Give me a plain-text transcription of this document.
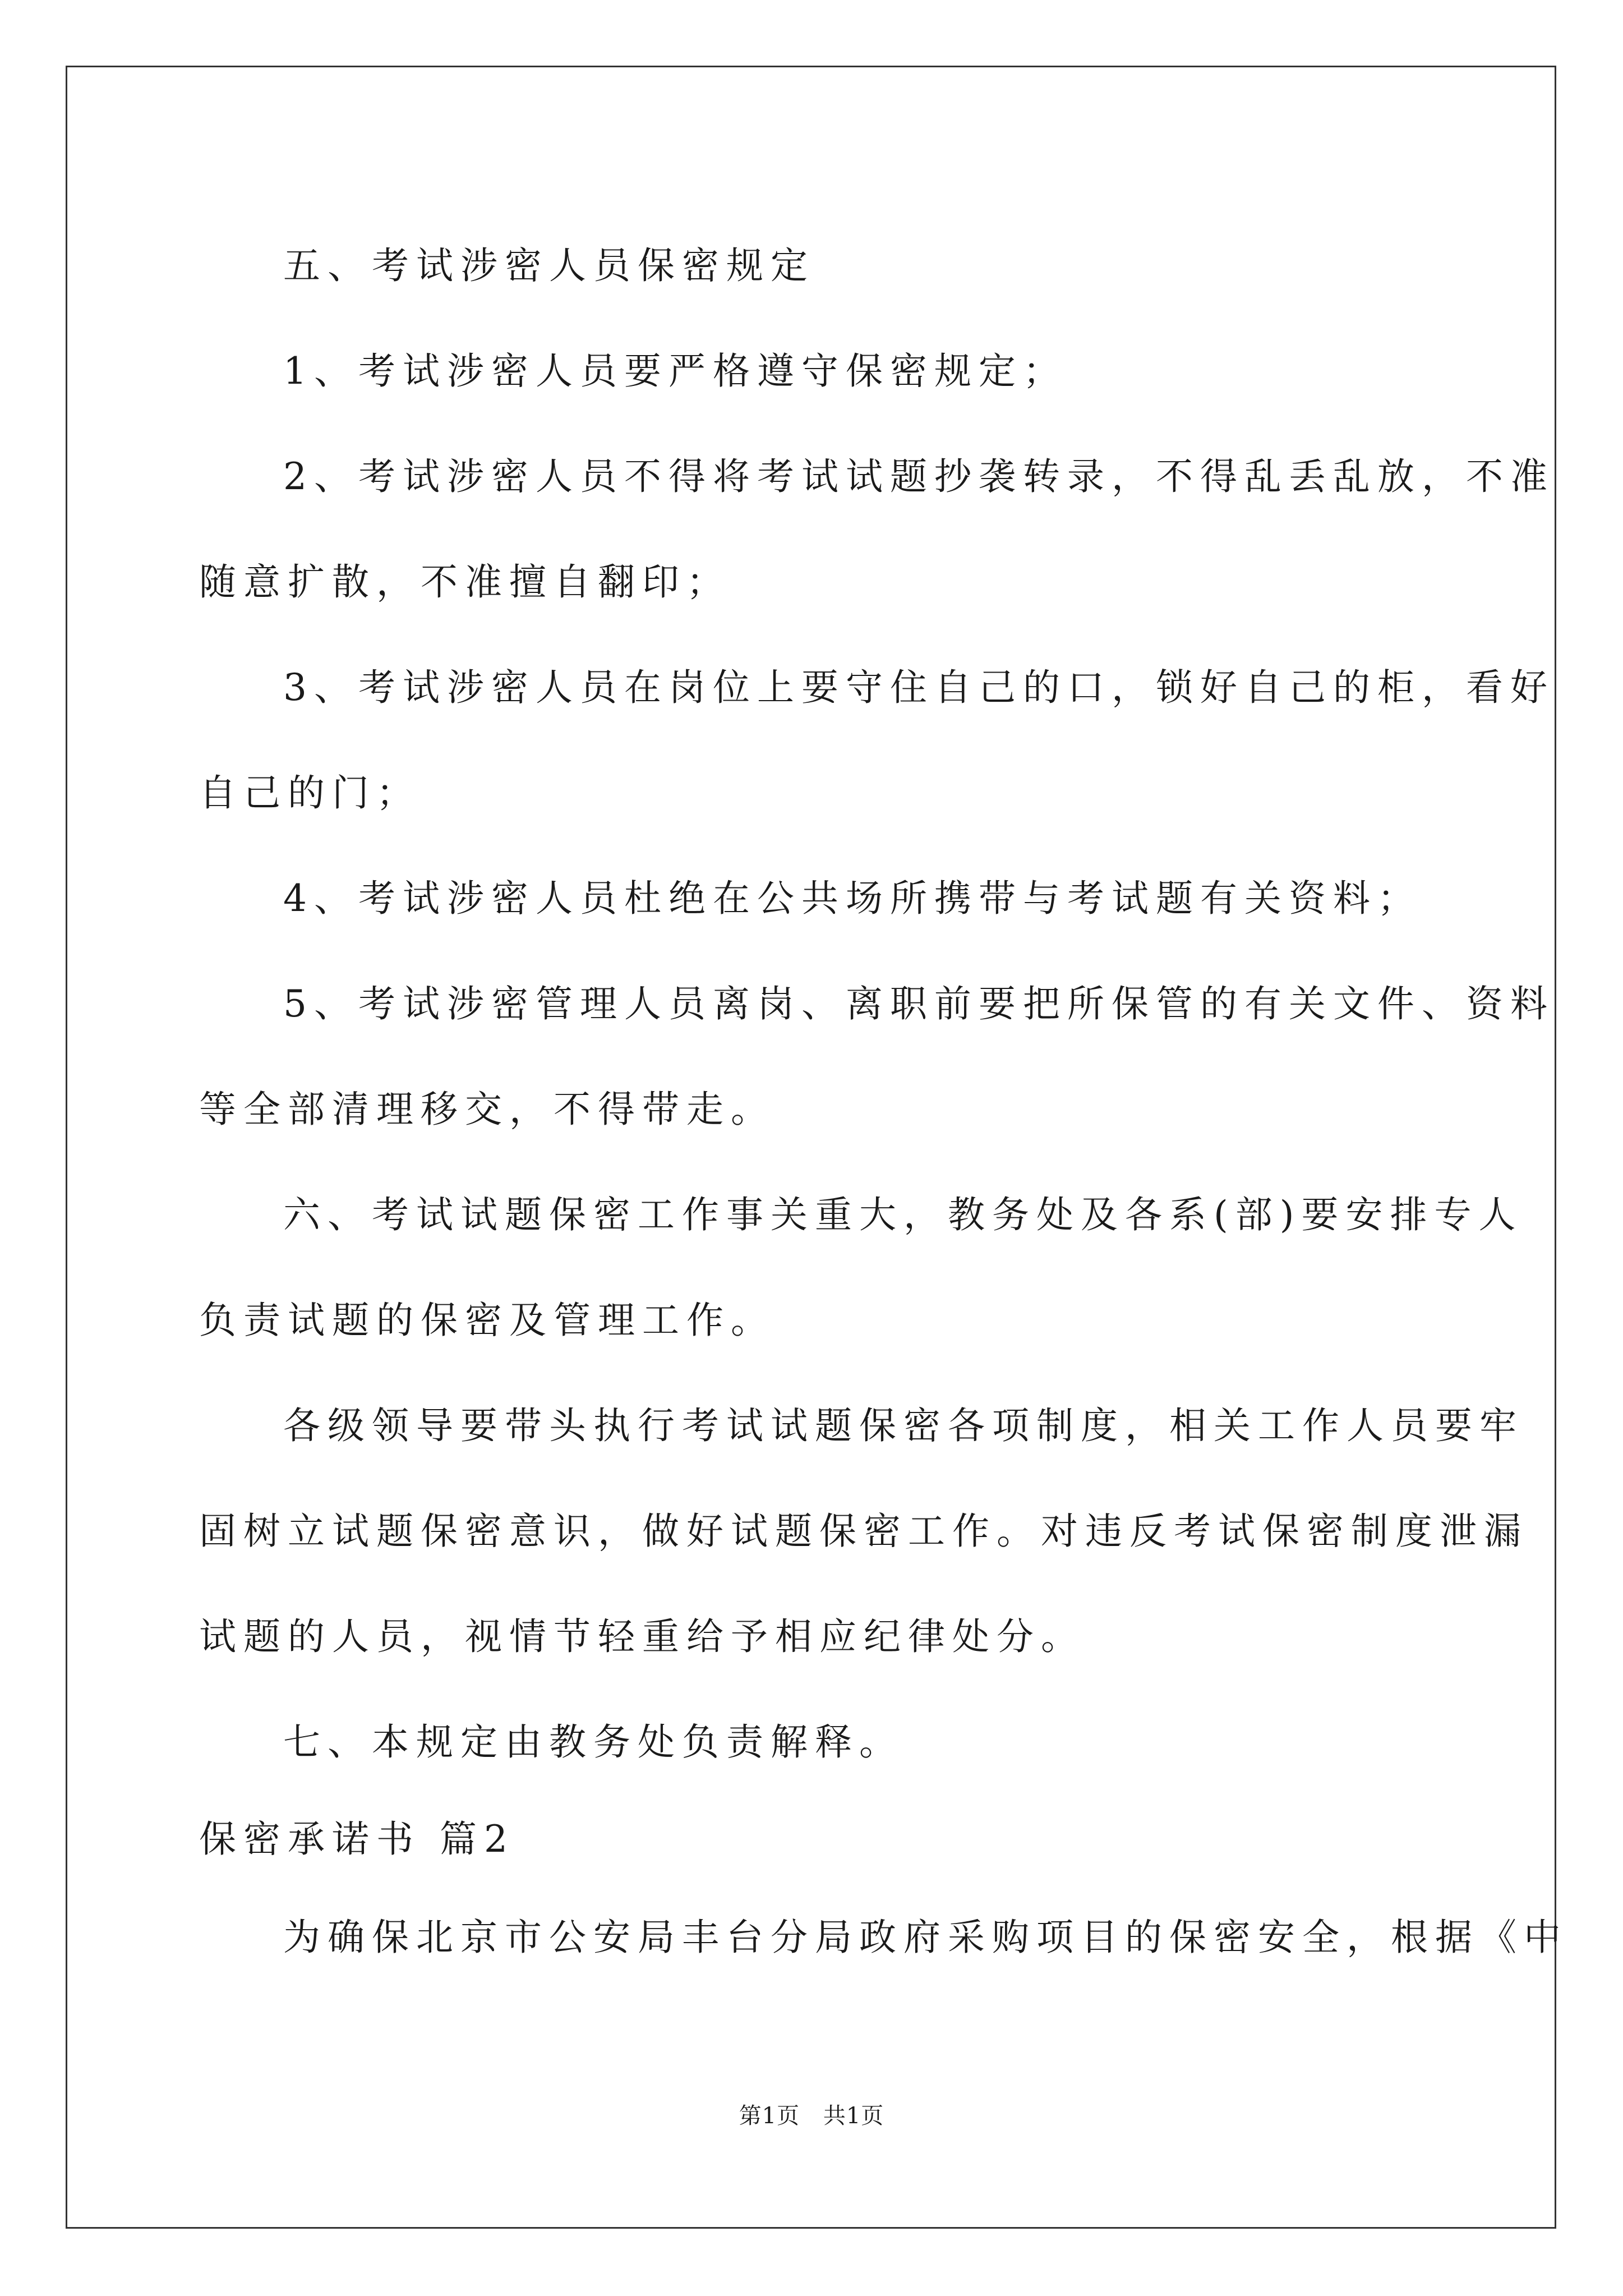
五、考试涉密人员保密规定

1、考试涉密人员要严格遵守保密规定；

2、考试涉密人员不得将考试试题抄袭转录，不得乱丢乱放，不准

随意扩散，不准擅自翻印；

3、考试涉密人员在岗位上要守住自己的口，锁好自己的柜，看好

自己的门；

4、考试涉密人员杜绝在公共场所携带与考试题有关资料；

5、考试涉密管理人员离岗、离职前要把所保管的有关文件、资料

等全部清理移交，不得带走。

六、考试试题保密工作事关重大，教务处及各系(部)要安排专人

负责试题的保密及管理工作。

各级领导要带头执行考试试题保密各项制度，相关工作人员要牢

固树立试题保密意识，做好试题保密工作。对违反考试保密制度泄漏

试题的人员，视情节轻重给予相应纪律处分。

七、本规定由教务处负责解释。

保密承诺书 篇2

为确保北京市公安局丰台分局政府采购项目的保密安全，根据《中

第1页 共1页
